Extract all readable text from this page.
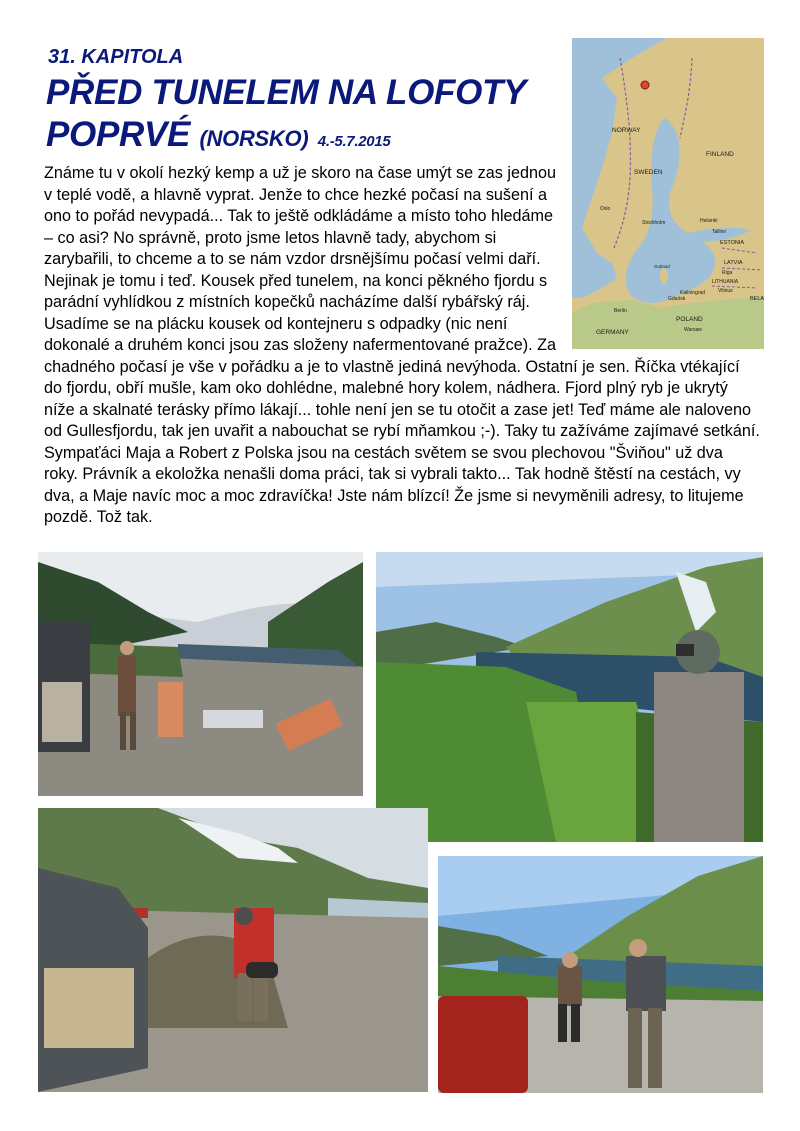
31. KAPITOLA
PŘED TUNELEM NA LOFOTY
POPRVÉ (NORSKO) 4.-5.7.2015

Známe tu v okolí hezký kemp a už je skoro na čase umýt se zas jednou v teplé vodě, a hlavně vyprat. Jenže to chce hezké počasí na sušení a ono to pořád nevypadá... Tak to ještě odkládáme a místo toho hledáme – co asi? No správně, proto jsme letos hlavně tady, abychom si zarybařili, to chceme a to se nám vzdor drsnějšímu počasí velmi daří. Nejinak je tomu i teď. Kousek před tunelem, na konci pěkného fjordu s parádní vyhlídkou z místních kopečků nacházíme další rybářský ráj. Usadíme se na plácku kousek od kontejneru s odpadky (nic není dokonalé a druhém konci jsou zas složeny nafermentované pražce). Za chadného počasí je vše v pořádku a je to vlastně jediná nevýhoda. Ostatní je sen. Říčka vtékající do fjordu, obří mušle, kam oko dohlédne, malebné hory kolem, nádhera. Fjord plný ryb je ukrytý níže a skalnaté terásky přímo lákají... tohle není jen se tu otočit a zase jet! Teď máme ale naloveno od Gullesfjordu, tak jen uvařit a nabouchat se rybí mňamkou ;-). Taky tu zažíváme zajímavé setkání. Sympaťáci Maja a Robert z Polska jsou na cestách světem se svou plechovou "Šviňou" už dva roky. Právník a ekoložka nenašli doma práci, tak si vybrali takto... Tak hodně štěstí na cestách, vy dva, a Maje navíc moc a moc zdravíčka! Jste nám blízcí! Že jsme si nevyměnili adresy, to litujeme pozdě. Tož tak.

NORWAY
SWEDEN
FINLAND
ESTONIA
LATVIA
LITHUANIA
BELA
POLAND
GERMANY
Oslo
Stockholm	Helsinki
Tallinn
Riga
Vilnius
Warsaw
Berlin
Gdańsk
Kaliningrad
Gotland
